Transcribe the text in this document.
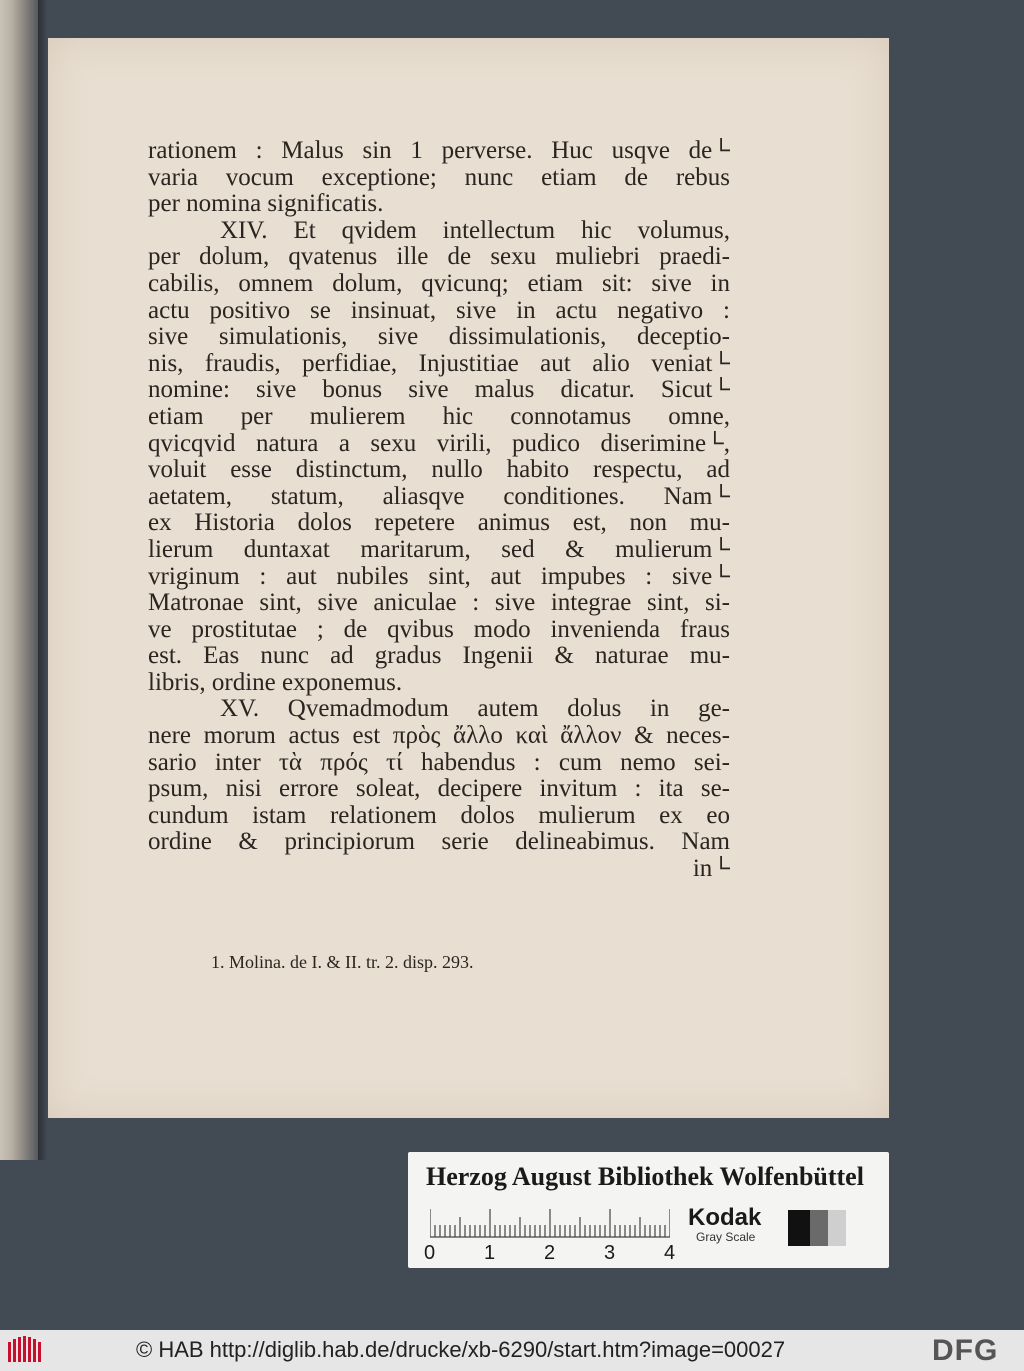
rationem : Malus sin 1 perverse. Huc usqve de└
varia vocum exceptione; nunc etiam de rebus
per nomina significatis.
XIV. Et qvidem intellectum hic volumus,
per dolum, qvatenus ille de sexu muliebri praedi-
cabilis, omnem dolum, qvicunq; etiam sit: sive in
actu positivo se insinuat, sive in actu negativo :
sive simulationis, sive dissimulationis, deceptio-
nis, fraudis, perfidiae, Injustitiae aut alio veniat└
nomine: sive bonus sive malus dicatur. Sicut└
etiam per mulierem hic connotamus omne,
qvicqvid natura a sexu virili, pudico diserimine└,
voluit esse distinctum, nullo habito respectu, ad
aetatem, statum, aliasqve conditiones. Nam└
ex Historia dolos repetere animus est, non mu-
lierum duntaxat maritarum, sed & mulierum└
vriginum : aut nubiles sint, aut impubes : sive└
Matronae sint, sive aniculae : sive integrae sint, si-
ve prostitutae ; de qvibus modo invenienda fraus
est. Eas nunc ad gradus Ingenii & naturae mu-
libris, ordine exponemus.
XV. Qvemadmodum autem dolus in ge-
nere morum actus est πρὸς ἄλλο καὶ ἄλλον & neces-
sario inter τὰ πρός τί habendus : cum nemo sei-
psum, nisi errore soleat, decipere invitum : ita se-
cundum istam relationem dolos mulierum ex eo
ordine & principiorum serie delineabimus. Nam
in└
1. Molina. de I. & II. tr. 2. disp. 293.
Herzog August Bibliothek Wolfenbüttel
0 1 2 3 4
Kodak
Gray Scale
© HAB http://diglib.hab.de/drucke/xb-6290/start.htm?image=00027	DFG
